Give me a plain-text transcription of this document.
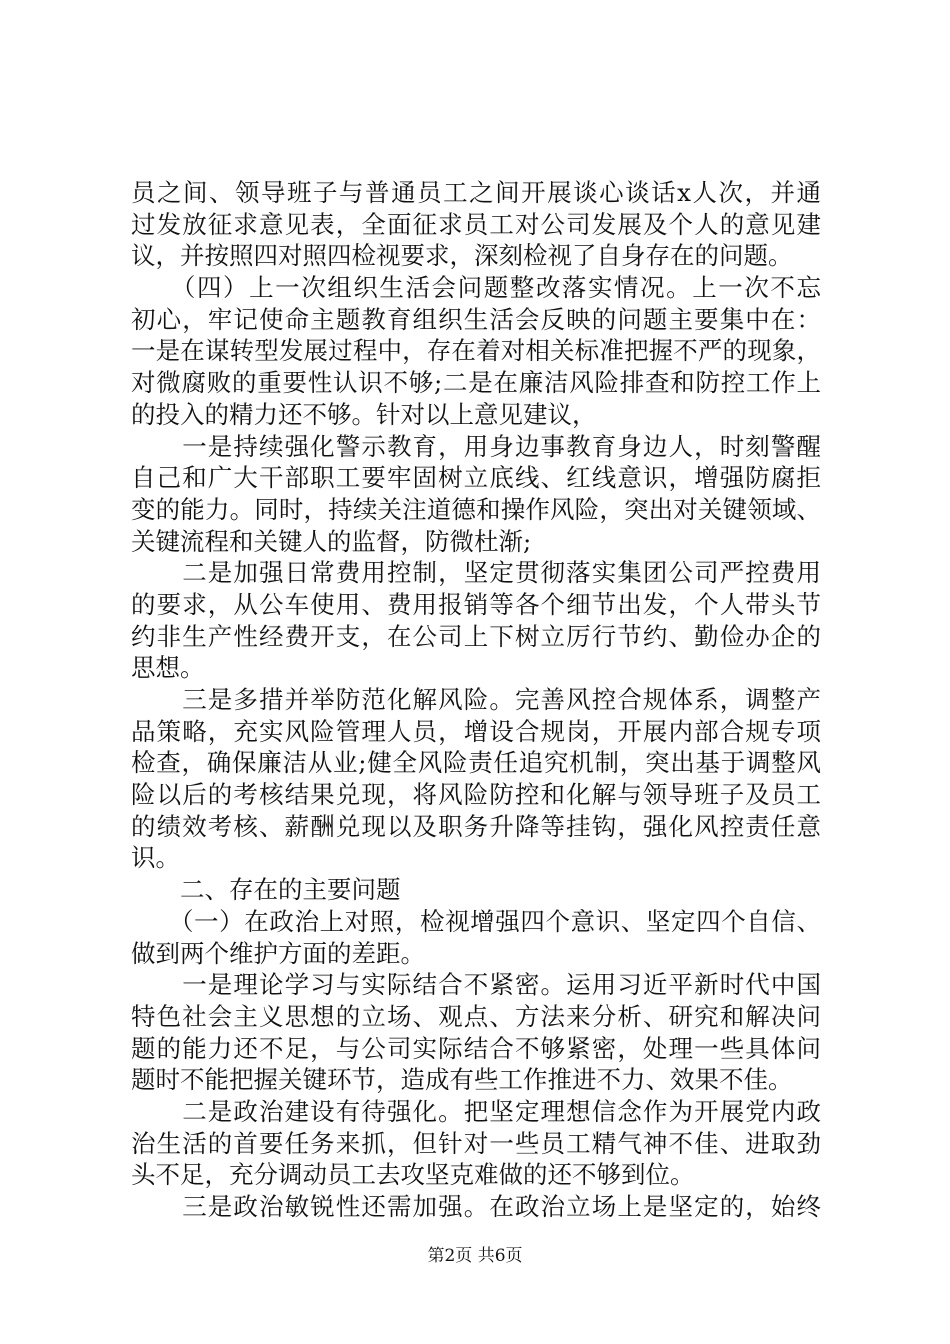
员之间、领导班子与普通员工之间开展谈心谈话x人次，并通
过发放征求意见表，全面征求员工对公司发展及个人的意见建
议，并按照四对照四检视要求，深刻检视了自身存在的问题。
　　（四）上一次组织生活会问题整改落实情况。上一次不忘
初心，牢记使命主题教育组织生活会反映的问题主要集中在：
一是在谋转型发展过程中，存在着对相关标准把握不严的现象，
对微腐败的重要性认识不够;二是在廉洁风险排查和防控工作上
的投入的精力还不够。针对以上意见建议，
　　一是持续强化警示教育，用身边事教育身边人，时刻警醒
自己和广大干部职工要牢固树立底线、红线意识，增强防腐拒
变的能力。同时，持续关注道德和操作风险，突出对关键领域、
关键流程和关键人的监督，防微杜渐;
　　二是加强日常费用控制，坚定贯彻落实集团公司严控费用
的要求，从公车使用、费用报销等各个细节出发，个人带头节
约非生产性经费开支，在公司上下树立厉行节约、勤俭办企的
思想。
　　三是多措并举防范化解风险。完善风控合规体系，调整产
品策略，充实风险管理人员，增设合规岗，开展内部合规专项
检查，确保廉洁从业;健全风险责任追究机制，突出基于调整风
险以后的考核结果兑现，将风险防控和化解与领导班子及员工
的绩效考核、薪酬兑现以及职务升降等挂钩，强化风控责任意
识。
　　二、存在的主要问题
　　（一）在政治上对照，检视增强四个意识、坚定四个自信、
做到两个维护方面的差距。
　　一是理论学习与实际结合不紧密。运用习近平新时代中国
特色社会主义思想的立场、观点、方法来分析、研究和解决问
题的能力还不足，与公司实际结合不够紧密，处理一些具体问
题时不能把握关键环节，造成有些工作推进不力、效果不佳。
　　二是政治建设有待强化。把坚定理想信念作为开展党内政
治生活的首要任务来抓，但针对一些员工精气神不佳、进取劲
头不足，充分调动员工去攻坚克难做的还不够到位。
　　三是政治敏锐性还需加强。在政治立场上是坚定的，始终
第2页 共6页
